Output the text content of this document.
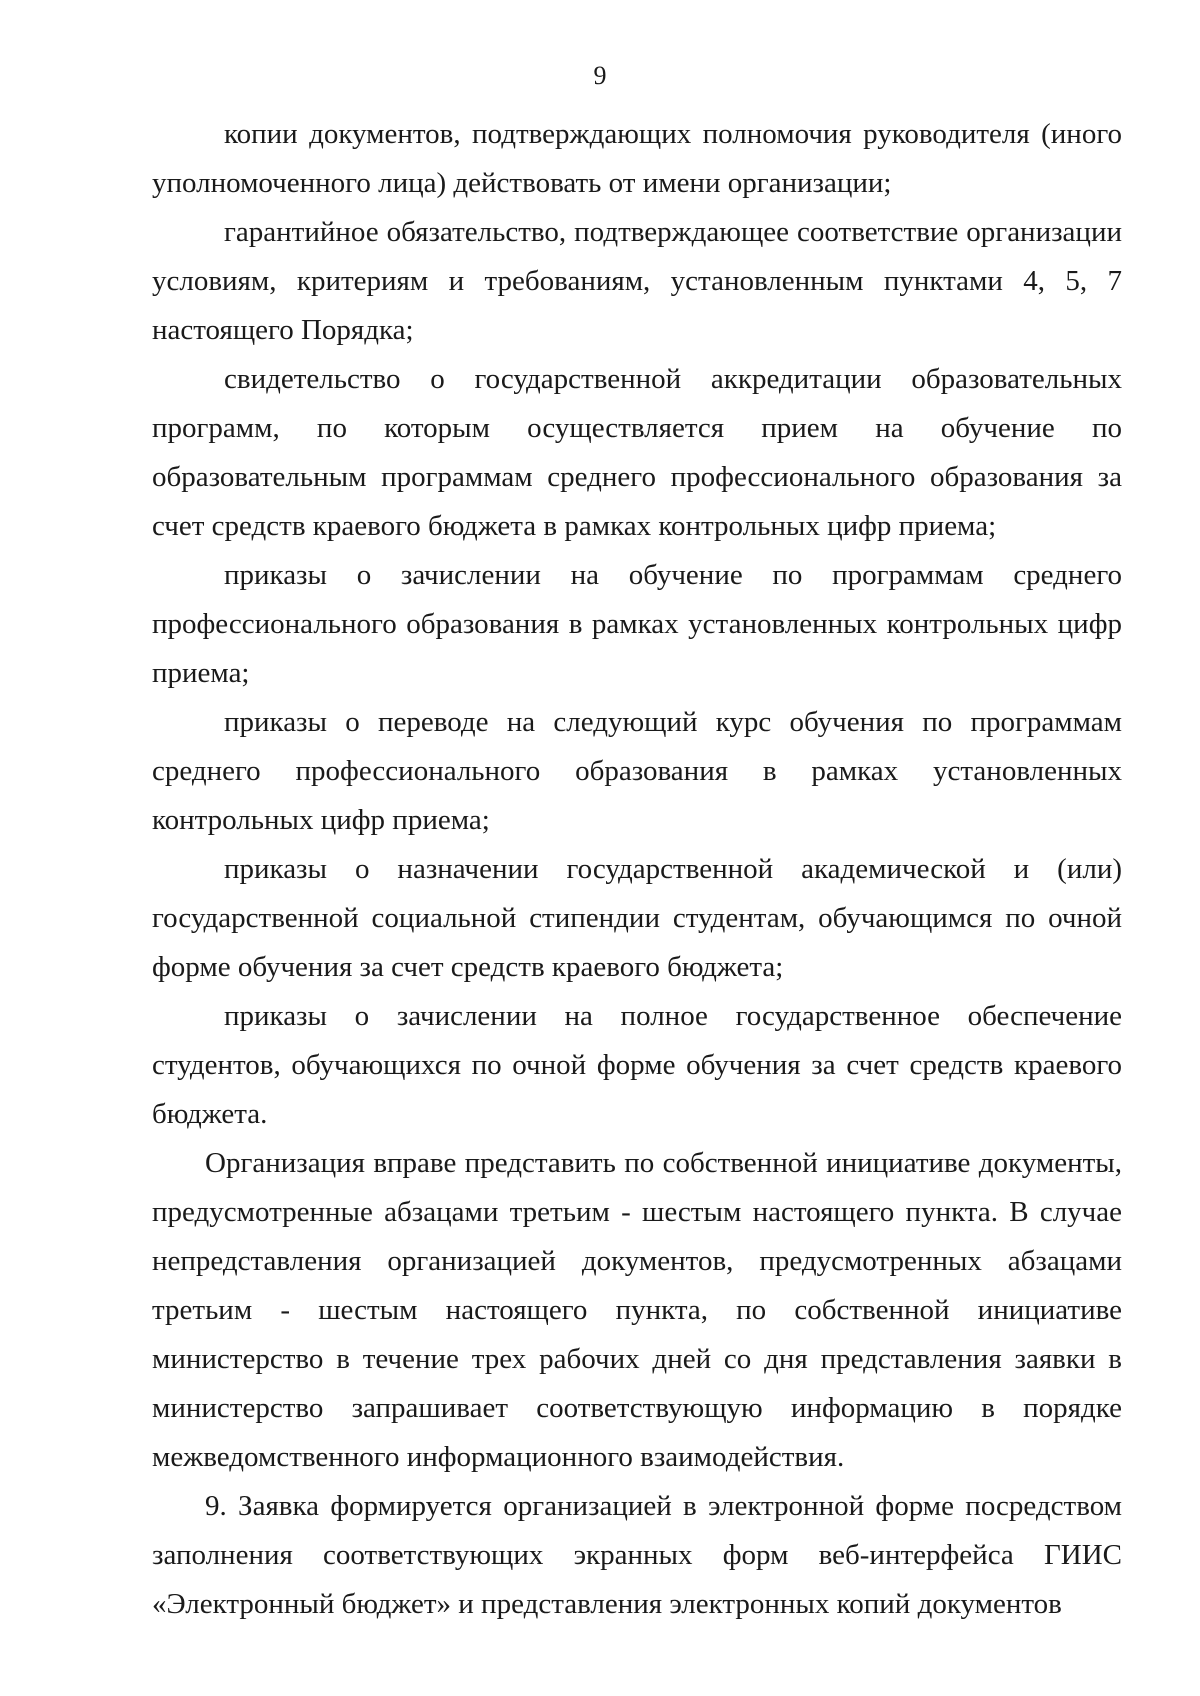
9

копии документов, подтверждающих полномочия руководителя (иного уполномоченного лица) действовать от имени организации;

гарантийное обязательство, подтверждающее соответствие организации условиям, критериям и требованиям, установленным пунктами 4, 5, 7 настоящего Порядка;

свидетельство о государственной аккредитации образовательных программ, по которым осуществляется прием на обучение по образовательным программам среднего профессионального образования за счет средств краевого бюджета в рамках контрольных цифр приема;

приказы о зачислении на обучение по программам среднего профессионального образования в рамках установленных контрольных цифр приема;

приказы о переводе на следующий курс обучения по программам среднего профессионального образования в рамках установленных контрольных цифр приема;

приказы о назначении государственной академической и (или) государственной социальной стипендии студентам, обучающимся по очной форме обучения за счет средств краевого бюджета;

приказы о зачислении на полное государственное обеспечение студентов, обучающихся по очной форме обучения за счет средств краевого бюджета.

Организация вправе представить по собственной инициативе документы, предусмотренные абзацами третьим - шестым настоящего пункта. В случае непредставления организацией документов, предусмотренных абзацами третьим - шестым настоящего пункта, по собственной инициативе министерство в течение трех рабочих дней со дня представления заявки в министерство запрашивает соответствующую информацию в порядке межведомственного информационного взаимодействия.

9. Заявка формируется организацией в электронной форме посредством заполнения соответствующих экранных форм веб-интерфейса ГИИС «Электронный бюджет» и представления электронных копий документов
